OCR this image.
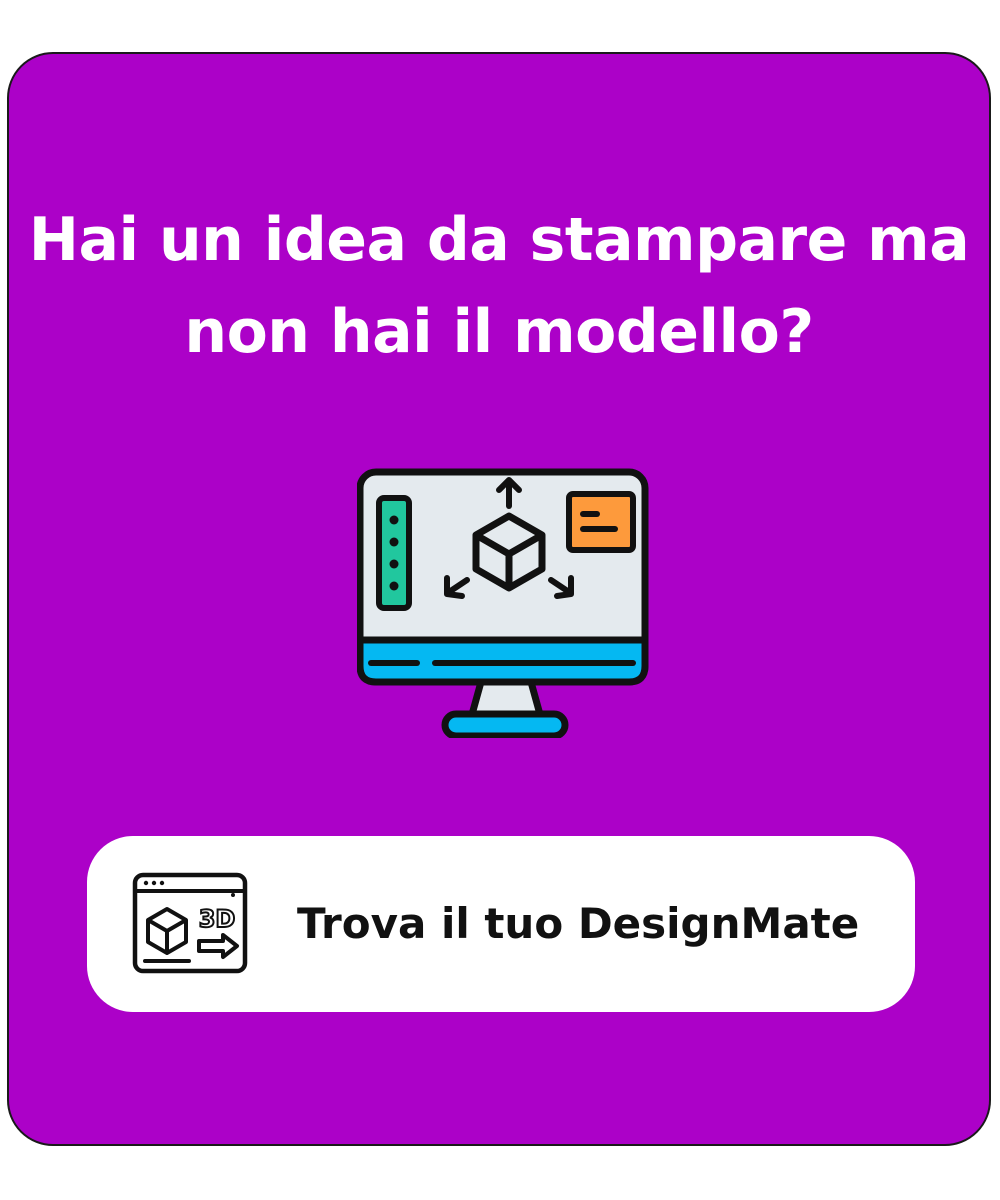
Hai un idea da stampare ma
non hai il modello?
3D Trova il tuo DesignMate
